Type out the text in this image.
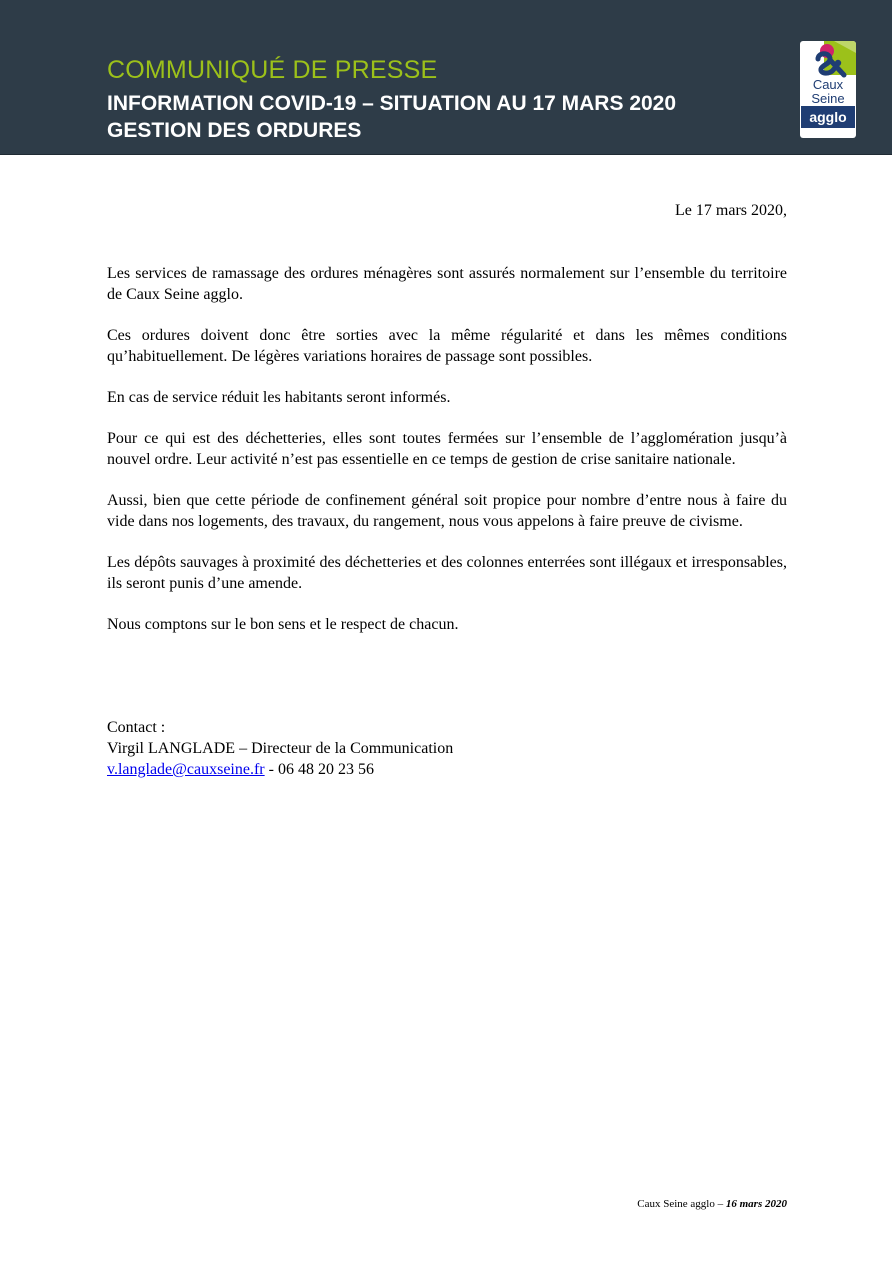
COMMUNIQUÉ DE PRESSE
INFORMATION COVID-19 – SITUATION AU 17 MARS 2020
GESTION DES ORDURES
Caux
Seine
agglo
Le 17 mars 2020,

Les services de ramassage des ordures ménagères sont assurés normalement sur l’ensemble du territoire de Caux Seine agglo.

Ces ordures doivent donc être sorties avec la même régularité et dans les mêmes conditions qu’habituellement. De légères variations horaires de passage sont possibles.

En cas de service réduit les habitants seront informés.

Pour ce qui est des déchetteries, elles sont toutes fermées sur l’ensemble de l’agglomération jusqu’à nouvel ordre. Leur activité n’est pas essentielle en ce temps de gestion de crise sanitaire nationale.

Aussi, bien que cette période de confinement général soit propice pour nombre d’entre nous à faire du vide dans nos logements, des travaux, du rangement, nous vous appelons à faire preuve de civisme.

Les dépôts sauvages à proximité des déchetteries et des colonnes enterrées sont illégaux et irresponsables, ils seront punis d’une amende.

Nous comptons sur le bon sens et le respect de chacun.

Contact :
Virgil LANGLADE – Directeur de la Communication
v.langlade@cauxseine.fr - 06 48 20 23 56
Caux Seine agglo – 16 mars 2020
